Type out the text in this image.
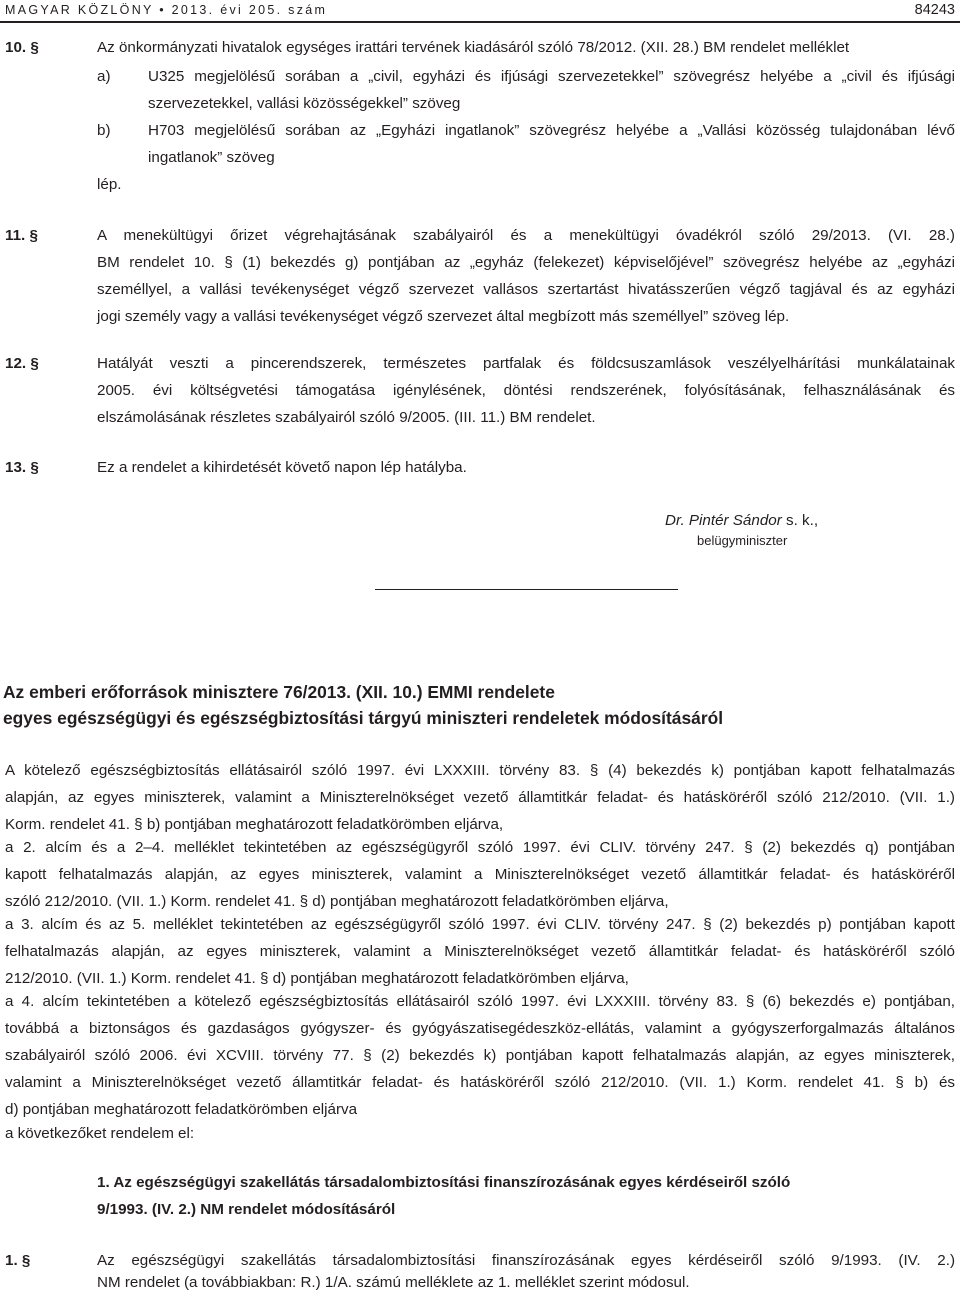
MAGYAR KÖZLÖNY • 2013. évi 205. szám	84243
10. §	Az önkormányzati hivatalok egységes irattári tervének kiadásáról szóló 78/2012. (XII. 28.) BM rendelet melléklet
a) U325 megjelölésű sorában a „civil, egyházi és ifjúsági szervezetekkel” szövegrész helyébe a „civil és ifjúsági
szervezetekkel, vallási közösségekkel” szöveg
b) H703 megjelölésű sorában az „Egyházi ingatlanok” szövegrész helyébe a „Vallási közösség tulajdonában lévő
ingatlanok” szöveg
lép.
11. §	A menekültügyi őrizet végrehajtásának szabályairól és a menekültügyi óvadékról szóló 29/2013. (VI. 28.)
BM rendelet 10. § (1) bekezdés g) pontjában az „egyház (felekezet) képviselőjével” szövegrész helyébe az „egyházi
személlyel, a vallási tevékenységet végző szervezet vallásos szertartást hivatásszerűen végző tagjával és az egyházi
jogi személy vagy a vallási tevékenységet végző szervezet által megbízott más személlyel” szöveg lép.
12. §	Hatályát veszti a pincerendszerek, természetes partfalak és földcsuszamlások veszélyelhárítási munkálatainak
2005. évi költségvetési támogatása igénylésének, döntési rendszerének, folyósításának, felhasználásának és
elszámolásának részletes szabályairól szóló 9/2005. (III. 11.) BM rendelet.
13. §	Ez a rendelet a kihirdetését követő napon lép hatályba.
Dr. Pintér Sándor s. k.,
belügyminiszter
Az emberi erőforrások minisztere 76/2013. (XII. 10.) EMMI rendelete
egyes egészségügyi és egészségbiztosítási tárgyú miniszteri rendeletek módosításáról
A kötelező egészségbiztosítás ellátásairól szóló 1997. évi LXXXIII. törvény 83. § (4) bekezdés k) pontjában kapott felhatalmazás
alapján, az egyes miniszterek, valamint a Miniszterelnökséget vezető államtitkár feladat- és hatásköréről szóló 212/2010. (VII. 1.)
Korm. rendelet 41. § b) pontjában meghatározott feladatkörömben eljárva,
a 2. alcím és a 2–4. melléklet tekintetében az egészségügyről szóló 1997. évi CLIV. törvény 247. § (2) bekezdés q) pontjában
kapott felhatalmazás alapján, az egyes miniszterek, valamint a Miniszterelnökséget vezető államtitkár feladat- és hatásköréről
szóló 212/2010. (VII. 1.) Korm. rendelet 41. § d) pontjában meghatározott feladatkörömben eljárva,
a 3. alcím és az 5. melléklet tekintetében az egészségügyről szóló 1997. évi CLIV. törvény 247. § (2) bekezdés p) pontjában kapott
felhatalmazás alapján, az egyes miniszterek, valamint a Miniszterelnökséget vezető államtitkár feladat- és hatásköréről szóló
212/2010. (VII. 1.) Korm. rendelet 41. § d) pontjában meghatározott feladatkörömben eljárva,
a 4. alcím tekintetében a kötelező egészségbiztosítás ellátásairól szóló 1997. évi LXXXIII. törvény 83. § (6) bekezdés e) pontjában,
továbbá a biztonságos és gazdaságos gyógyszer- és gyógyászatisegédeszköz-ellátás, valamint a gyógyszerforgalmazás általános
szabályairól szóló 2006. évi XCVIII. törvény 77. § (2) bekezdés k) pontjában kapott felhatalmazás alapján, az egyes miniszterek,
valamint a Miniszterelnökséget vezető államtitkár feladat- és hatásköréről szóló 212/2010. (VII. 1.) Korm. rendelet 41. § b) és
d) pontjában meghatározott feladatkörömben eljárva
a következőket rendelem el:
1. Az egészségügyi szakellátás társadalombiztosítási finanszírozásának egyes kérdéseiről szóló
9/1993. (IV. 2.) NM rendelet módosításáról
1. §	Az egészségügyi szakellátás társadalombiztosítási finanszírozásának egyes kérdéseiről szóló 9/1993. (IV. 2.)
NM rendelet (a továbbiakban: R.) 1/A. számú melléklete az 1. melléklet szerint módosul.
